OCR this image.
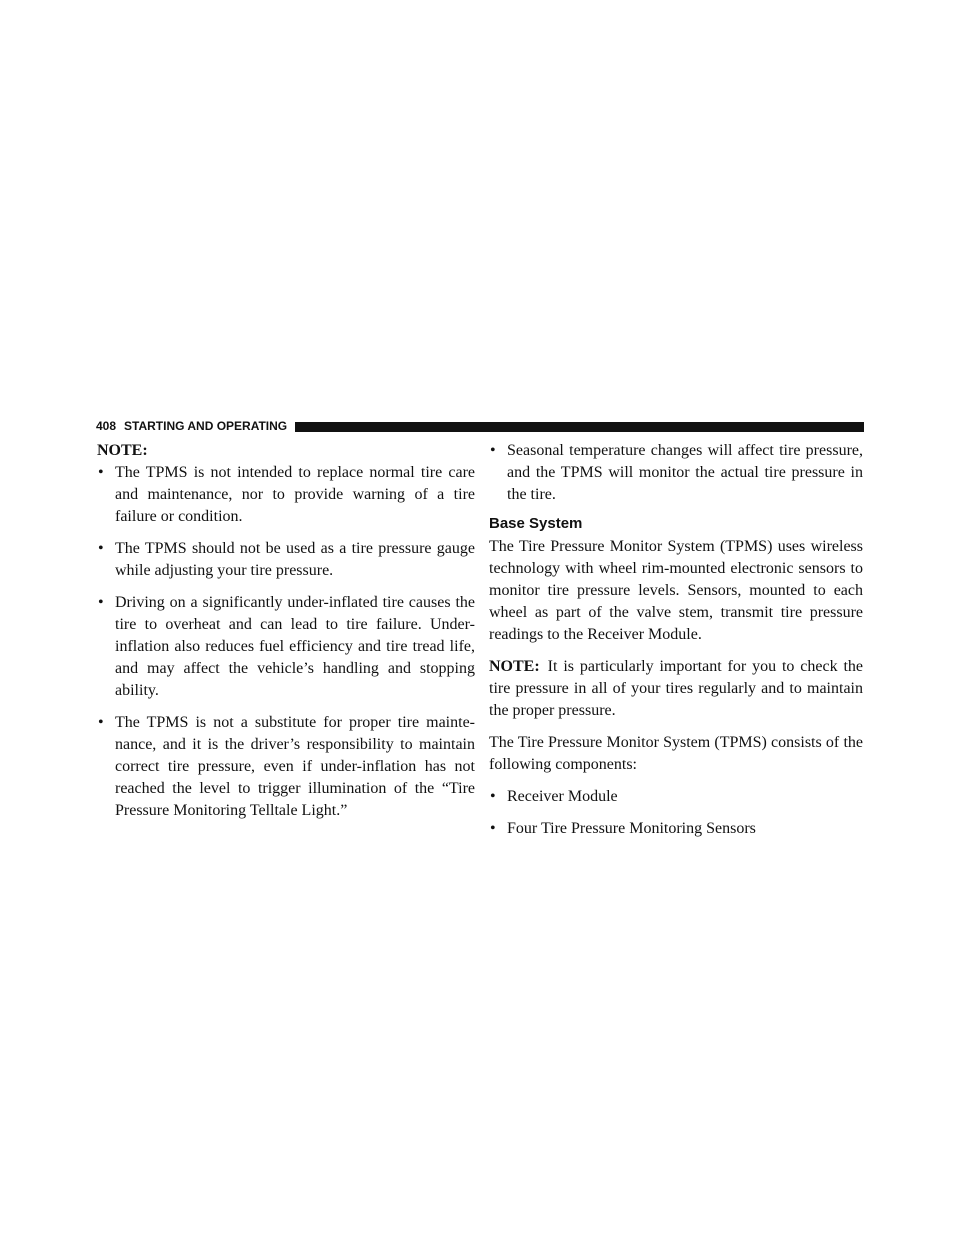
408 STARTING AND OPERATING

NOTE:

• The TPMS is not intended to replace normal tire care and maintenance, nor to provide warning of a tire failure or condition.
• The TPMS should not be used as a tire pressure gauge while adjusting your tire pressure.
• Driving on a significantly under-inflated tire causes the tire to overheat and can lead to tire failure. Under-inflation also reduces fuel efficiency and tire tread life, and may affect the vehicle’s handling and stopping ability.
• The TPMS is not a substitute for proper tire mainte-nance, and it is the driver’s responsibility to maintain correct tire pressure, even if under-inflation has not reached the level to trigger illumination of the “Tire Pressure Monitoring Telltale Light.”
• Seasonal temperature changes will affect tire pressure, and the TPMS will monitor the actual tire pressure in the tire.
Base System

The Tire Pressure Monitor System (TPMS) uses wireless technology with wheel rim-mounted electronic sensors to monitor tire pressure levels. Sensors, mounted to each wheel as part of the valve stem, transmit tire pressure readings to the Receiver Module.

NOTE: It is particularly important for you to check the tire pressure in all of your tires regularly and to maintain the proper pressure.

The Tire Pressure Monitor System (TPMS) consists of the following components:

• Receiver Module
• Four Tire Pressure Monitoring Sensors
